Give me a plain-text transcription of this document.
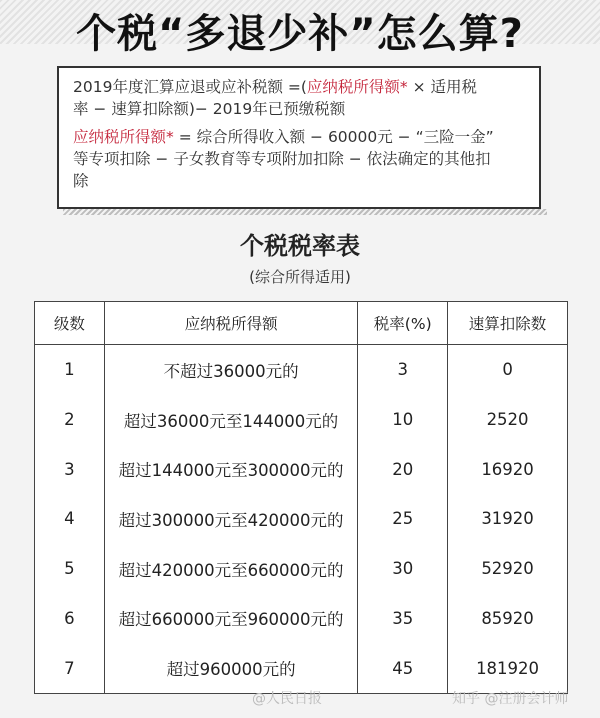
个税“多退少补”怎么算?
2019年度汇算应退或应补税额 =(应纳税所得额* × 适用税
率 − 速算扣除额)− 2019年已预缴税额
应纳税所得额* = 综合所得收入额 − 60000元 − “三险一金”
等专项扣除 − 子女教育等专项附加扣除 − 依法确定的其他扣
除
个税税率表
(综合所得适用)
级数	应纳税所得额	税率(%)	速算扣除数
1	不超过36000元的	3	0
2	超过36000元至144000元的	10	2520
3	超过144000元至300000元的	20	16920
4	超过300000元至420000元的	25	31920
5	超过420000元至660000元的	30	52920
6	超过660000元至960000元的	35	85920
7	超过960000元的	45	181920
@人民日报	知乎 @注册会计师
